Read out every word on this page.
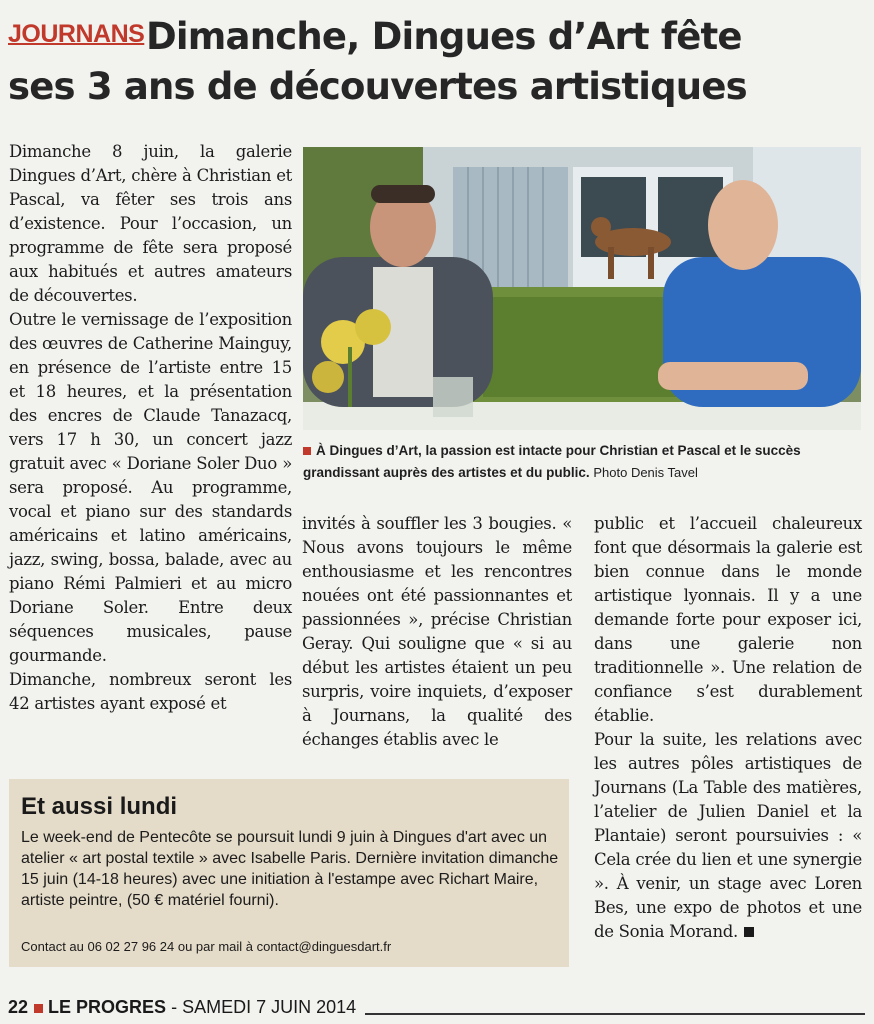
JOURNANS Dimanche, Dingues d’Art fête
ses 3 ans de découvertes artistiques

Dimanche 8 juin, la galerie Dingues d’Art, chère à Christian et Pascal, va fêter ses trois ans d’existence. Pour l’occasion, un programme de fête sera proposé aux habitués et autres amateurs de découvertes.

Outre le vernissage de l’exposition des œuvres de Catherine Mainguy, en présence de l’artiste entre 15 et 18 heures, et la présentation des encres de Claude Tanazacq, vers 17 h 30, un concert jazz gratuit avec « Doriane Soler Duo » sera proposé. Au programme, vocal et piano sur des standards américains et latino américains, jazz, swing, bossa, balade, avec au piano Rémi Palmieri et au micro Doriane Soler. Entre deux séquences musicales, pause gourmande.

Dimanche, nombreux seront les 42 artistes ayant exposé et

À Dingues d’Art, la passion est intacte pour Christian et Pascal et le succès grandissant auprès des artistes et du public. Photo Denis Tavel

invités à souffler les 3 bougies. « Nous avons toujours le même enthousiasme et les rencontres nouées ont été passionnantes et passionnées », précise Christian Geray. Qui souligne que « si au début les artistes étaient un peu surpris, voire inquiets, d’exposer à Journans, la qualité des échanges établis avec le

public et l’accueil chaleureux font que désormais la galerie est bien connue dans le monde artistique lyonnais. Il y a une demande forte pour exposer ici, dans une galerie non traditionnelle ». Une relation de confiance s’est durablement établie.

Pour la suite, les relations avec les autres pôles artistiques de Journans (La Table des matières, l’atelier de Julien Daniel et la Plantaie) seront poursuivies : « Cela crée du lien et une synergie ». À venir, un stage avec Loren Bes, une expo de photos et une de Sonia Morand.

Et aussi lundi
Le week-end de Pentecôte se poursuit lundi 9 juin à Dingues d'art avec un atelier « art postal textile » avec Isabelle Paris. Dernière invitation dimanche 15 juin (14-18 heures) avec une initiation à l'estampe avec Richart Maire, artiste peintre, (50 € matériel fourni).
Contact au 06 02 27 96 24 ou par mail à contact@dinguesdart.fr
22 LE PROGRES - SAMEDI 7 JUIN 2014
